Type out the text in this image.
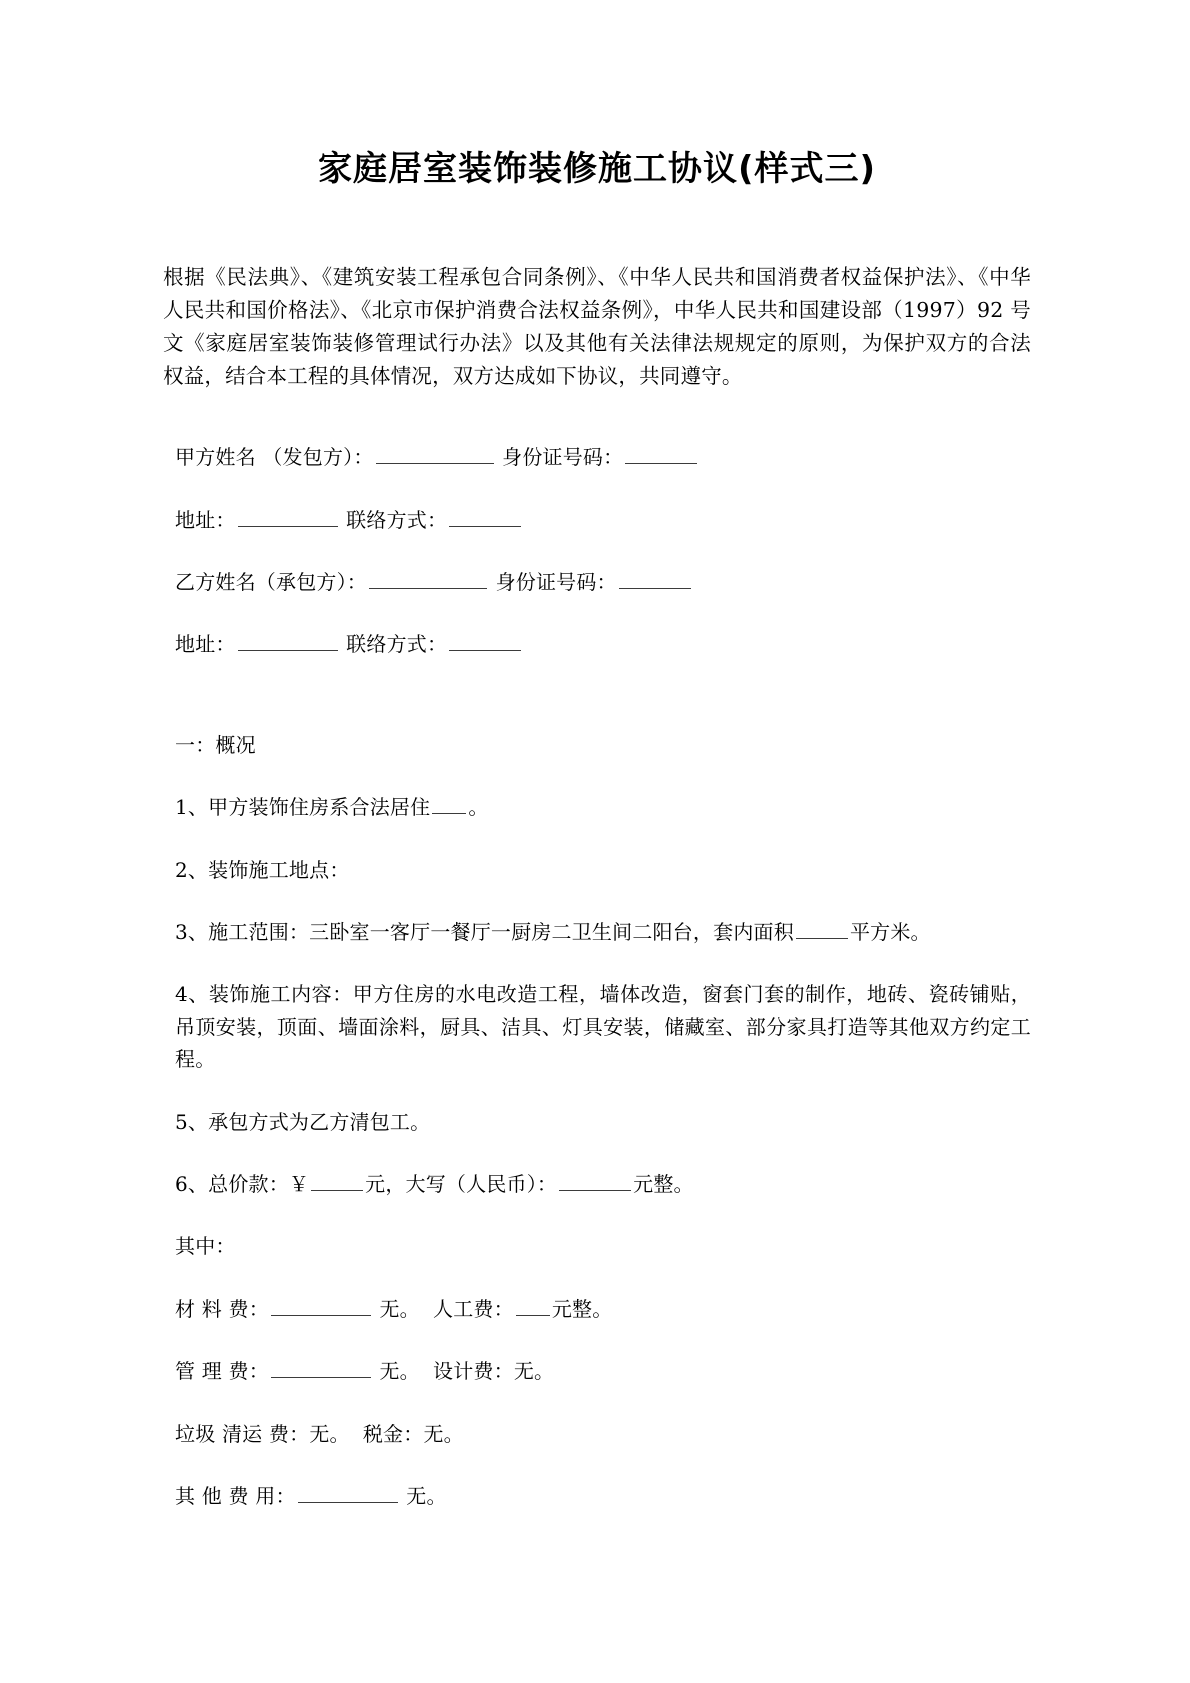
家庭居室装饰装修施工协议(样式三)

根据《民法典》、《建筑安装工程承包合同条例》、《中华人民共和国消费者权益保护法》、《中华人民共和国价格法》、《北京市保护消费合法权益条例》，中华人民共和国建设部（1997）92 号文《家庭居室装饰装修管理试行办法》以及其他有关法律法规规定的原则，为保护双方的合法权益，结合本工程的具体情况，双方达成如下协议，共同遵守。

甲方姓名 （发包方）：	身份证号码：

地址：	联络方式：

乙方姓名（承包方）：	身份证号码：

地址：	联络方式：

一：概况

1、甲方装饰住房系合法居住 。

2、装饰施工地点：

3、施工范围：三卧室一客厅一餐厅一厨房二卫生间二阳台，套内面积	平方米。

4、装饰施工内容：甲方住房的水电改造工程，墙体改造，窗套门套的制作，地砖、瓷砖铺贴，吊顶安装，顶面、墙面涂料，厨具、洁具、灯具安装，储藏室、部分家具打造等其他双方约定工程。

5、承包方式为乙方清包工。

6、总价款：￥	元，大写（人民币）：	元整。

其中：

材 料 费：	无。 人工费： 元整。

管 理 费：	无。 设计费：无。

垃圾 清运 费：无。 税金：无。

其 他 费 用：	无。
